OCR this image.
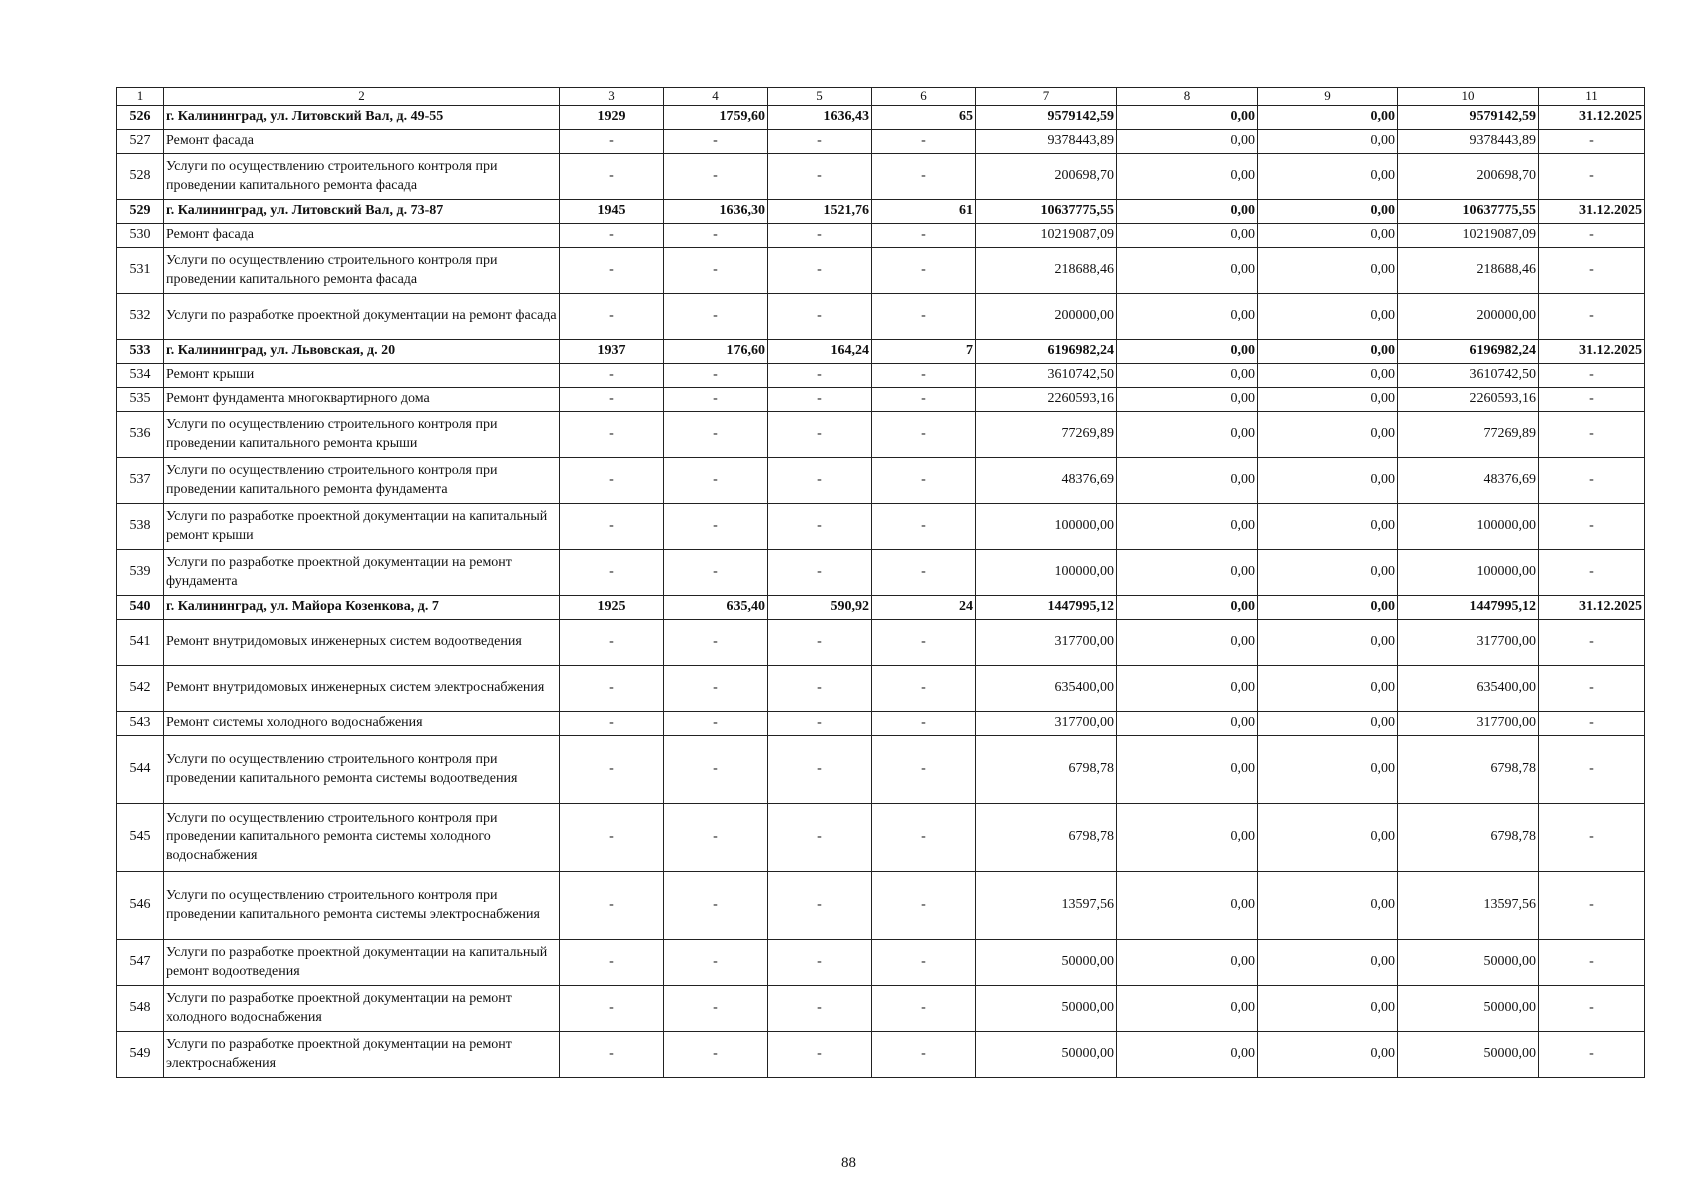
1	2	3	4	5	6	7	8	9	10	11
526	г. Калининград, ул. Литовский Вал, д. 49-55	1929	1759,60	1636,43	65	9579142,59	0,00	0,00	9579142,59	31.12.2025
527	Ремонт фасада	-	-	-	-	9378443,89	0,00	0,00	9378443,89	-
528	Услуги по осуществлению строительного контроля при проведении капитального ремонта фасада	-	-	-	-	200698,70	0,00	0,00	200698,70	-
529	г. Калининград, ул. Литовский Вал, д. 73-87	1945	1636,30	1521,76	61	10637775,55	0,00	0,00	10637775,55	31.12.2025
530	Ремонт фасада	-	-	-	-	10219087,09	0,00	0,00	10219087,09	-
531	Услуги по осуществлению строительного контроля при проведении капитального ремонта фасада	-	-	-	-	218688,46	0,00	0,00	218688,46	-
532	Услуги по разработке проектной документации на ремонт фасада	-	-	-	-	200000,00	0,00	0,00	200000,00	-
533	г. Калининград, ул. Львовская, д. 20	1937	176,60	164,24	7	6196982,24	0,00	0,00	6196982,24	31.12.2025
534	Ремонт крыши	-	-	-	-	3610742,50	0,00	0,00	3610742,50	-
535	Ремонт фундамента многоквартирного дома	-	-	-	-	2260593,16	0,00	0,00	2260593,16	-
536	Услуги по осуществлению строительного контроля при проведении капитального ремонта крыши	-	-	-	-	77269,89	0,00	0,00	77269,89	-
537	Услуги по осуществлению строительного контроля при проведении капитального ремонта фундамента	-	-	-	-	48376,69	0,00	0,00	48376,69	-
538	Услуги по разработке проектной документации на капитальный ремонт крыши	-	-	-	-	100000,00	0,00	0,00	100000,00	-
539	Услуги по разработке проектной документации на ремонт фундамента	-	-	-	-	100000,00	0,00	0,00	100000,00	-
540	г. Калининград, ул. Майора Козенкова, д. 7	1925	635,40	590,92	24	1447995,12	0,00	0,00	1447995,12	31.12.2025
541	Ремонт внутридомовых инженерных систем водоотведения	-	-	-	-	317700,00	0,00	0,00	317700,00	-
542	Ремонт внутридомовых инженерных систем электроснабжения	-	-	-	-	635400,00	0,00	0,00	635400,00	-
543	Ремонт системы холодного водоснабжения	-	-	-	-	317700,00	0,00	0,00	317700,00	-
544	Услуги по осуществлению строительного контроля при проведении капитального ремонта системы водоотведения	-	-	-	-	6798,78	0,00	0,00	6798,78	-
545	Услуги по осуществлению строительного контроля при проведении капитального ремонта системы холодного водоснабжения	-	-	-	-	6798,78	0,00	0,00	6798,78	-
546	Услуги по осуществлению строительного контроля при проведении капитального ремонта системы электроснабжения	-	-	-	-	13597,56	0,00	0,00	13597,56	-
547	Услуги по разработке проектной документации на капитальный ремонт водоотведения	-	-	-	-	50000,00	0,00	0,00	50000,00	-
548	Услуги по разработке проектной документации на ремонт холодного водоснабжения	-	-	-	-	50000,00	0,00	0,00	50000,00	-
549	Услуги по разработке проектной документации на ремонт электроснабжения	-	-	-	-	50000,00	0,00	0,00	50000,00	-
88
